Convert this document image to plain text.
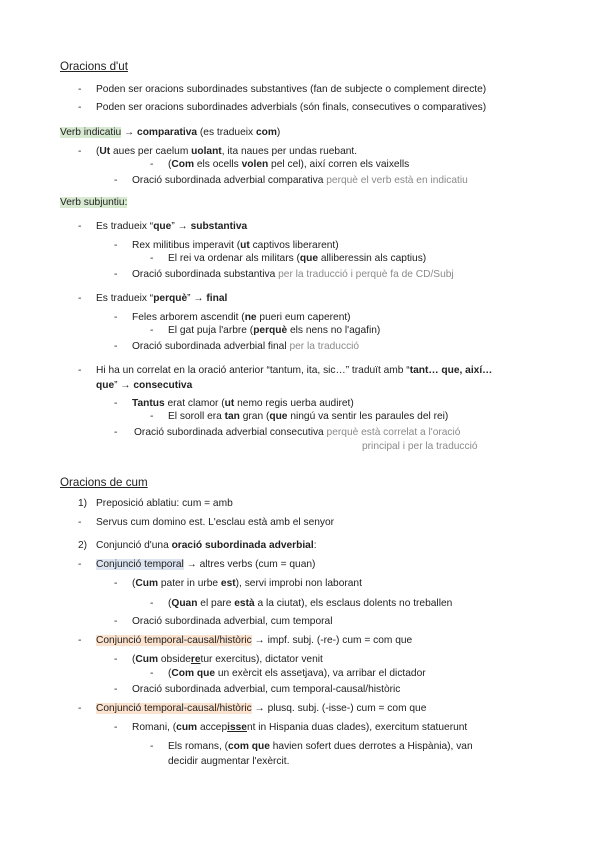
Oracions d'ut
- Poden ser oracions subordinades substantives (fan de subjecte o complement directe)
- Poden ser oracions subordinades adverbials (són finals, consecutives o comparatives)
Verb indicatiu → comparativa (es tradueix com)
- (Ut aues per caelum uolant, ita naues per undas ruebant.
- (Com els ocells volen pel cel), així corren els vaixells
- Oració subordinada adverbial comparativa perquè el verb està en indicatiu
Verb subjuntiu:
- Es tradueix “que” → substantiva
- Rex militibus imperavit (ut captivos liberarent)
- El rei va ordenar als militars (que alliberessin als captius)
- Oració subordinada substantiva per la traducció i perquè fa de CD/Subj
- Es tradueix “perquè” → final
- Feles arborem ascendit (ne pueri eum caperent)
- El gat puja l'arbre (perquè els nens no l'agafin)
- Oració subordinada adverbial final per la traducció
- Hi ha un correlat en la oració anterior “tantum, ita, sic…” traduït amb “tant… que, així…
que” → consecutiva
- Tantus erat clamor (ut nemo regis uerba audiret)
- El soroll era tan gran (que ningú va sentir les paraules del rei)
- Oració subordinada adverbial consecutiva perquè està correlat a l'oració
principal i per la traducció
Oracions de cum
1) Preposició ablatiu: cum = amb
- Servus cum domino est. L'esclau està amb el senyor
2) Conjunció d'una oració subordinada adverbial:
- Conjunció temporal → altres verbs (cum = quan)
- (Cum pater in urbe est), servi improbi non laborant
- (Quan el pare està a la ciutat), els esclaus dolents no treballen
- Oració subordinada adverbial, cum temporal
- Conjunció temporal-causal/històric → impf. subj. (-re-) cum = com que
- (Cum obsideretur exercitus), dictator venit
- (Com que un exèrcit els assetjava), va arribar el dictador
- Oració subordinada adverbial, cum temporal-causal/històric
- Conjunció temporal-causal/històric → plusq. subj. (-isse-) cum = com que
- Romani, (cum accepissent in Hispania duas clades), exercitum statuerunt
- Els romans, (com que havien sofert dues derrotes a Hispània), van
decidir augmentar l'exèrcit.
